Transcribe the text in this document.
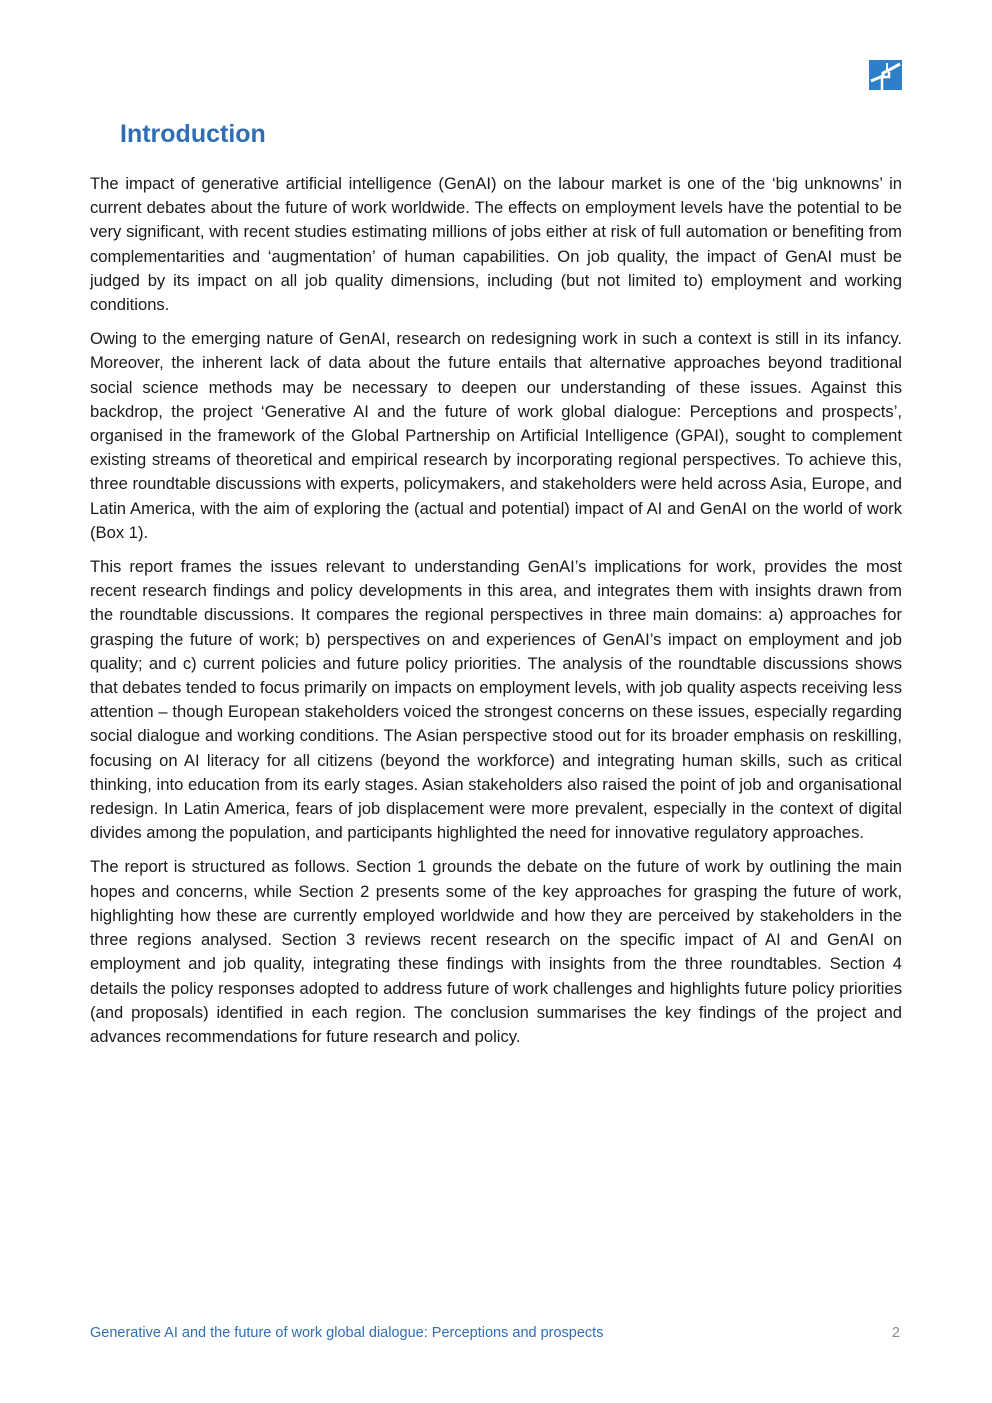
Introduction

The impact of generative artificial intelligence (GenAI) on the labour market is one of the ‘big unknowns’ in current debates about the future of work worldwide. The effects on employment levels have the potential to be very significant, with recent studies estimating millions of jobs either at risk of full automation or benefiting from complementarities and ‘augmentation’ of human capabilities. On job quality, the impact of GenAI must be judged by its impact on all job quality dimensions, including (but not limited to) employment and working conditions.

Owing to the emerging nature of GenAI, research on redesigning work in such a context is still in its infancy. Moreover, the inherent lack of data about the future entails that alternative approaches beyond traditional social science methods may be necessary to deepen our understanding of these issues. Against this backdrop, the project ‘Generative AI and the future of work global dialogue: Perceptions and prospects’, organised in the framework of the Global Partnership on Artificial Intelligence (GPAI), sought to complement existing streams of theoretical and empirical research by incorporating regional perspectives. To achieve this, three roundtable discussions with experts, policymakers, and stakeholders were held across Asia, Europe, and Latin America, with the aim of exploring the (actual and potential) impact of AI and GenAI on the world of work (Box 1).

This report frames the issues relevant to understanding GenAI’s implications for work, provides the most recent research findings and policy developments in this area, and integrates them with insights drawn from the roundtable discussions. It compares the regional perspectives in three main domains: a) approaches for grasping the future of work; b) perspectives on and experiences of GenAI’s impact on employment and job quality; and c) current policies and future policy priorities. The analysis of the roundtable discussions shows that debates tended to focus primarily on impacts on employment levels, with job quality aspects receiving less attention – though European stakeholders voiced the strongest concerns on these issues, especially regarding social dialogue and working conditions. The Asian perspective stood out for its broader emphasis on reskilling, focusing on AI literacy for all citizens (beyond the workforce) and integrating human skills, such as critical thinking, into education from its early stages. Asian stakeholders also raised the point of job and organisational redesign. In Latin America, fears of job displacement were more prevalent, especially in the context of digital divides among the population, and participants highlighted the need for innovative regulatory approaches.

The report is structured as follows. Section 1 grounds the debate on the future of work by outlining the main hopes and concerns, while Section 2 presents some of the key approaches for grasping the future of work, highlighting how these are currently employed worldwide and how they are perceived by stakeholders in the three regions analysed. Section 3 reviews recent research on the specific impact of AI and GenAI on employment and job quality, integrating these findings with insights from the three roundtables. Section 4 details the policy responses adopted to address future of work challenges and highlights future policy priorities (and proposals) identified in each region. The conclusion summarises the key findings of the project and advances recommendations for future research and policy.

Generative AI and the future of work global dialogue: Perceptions and prospects	2
